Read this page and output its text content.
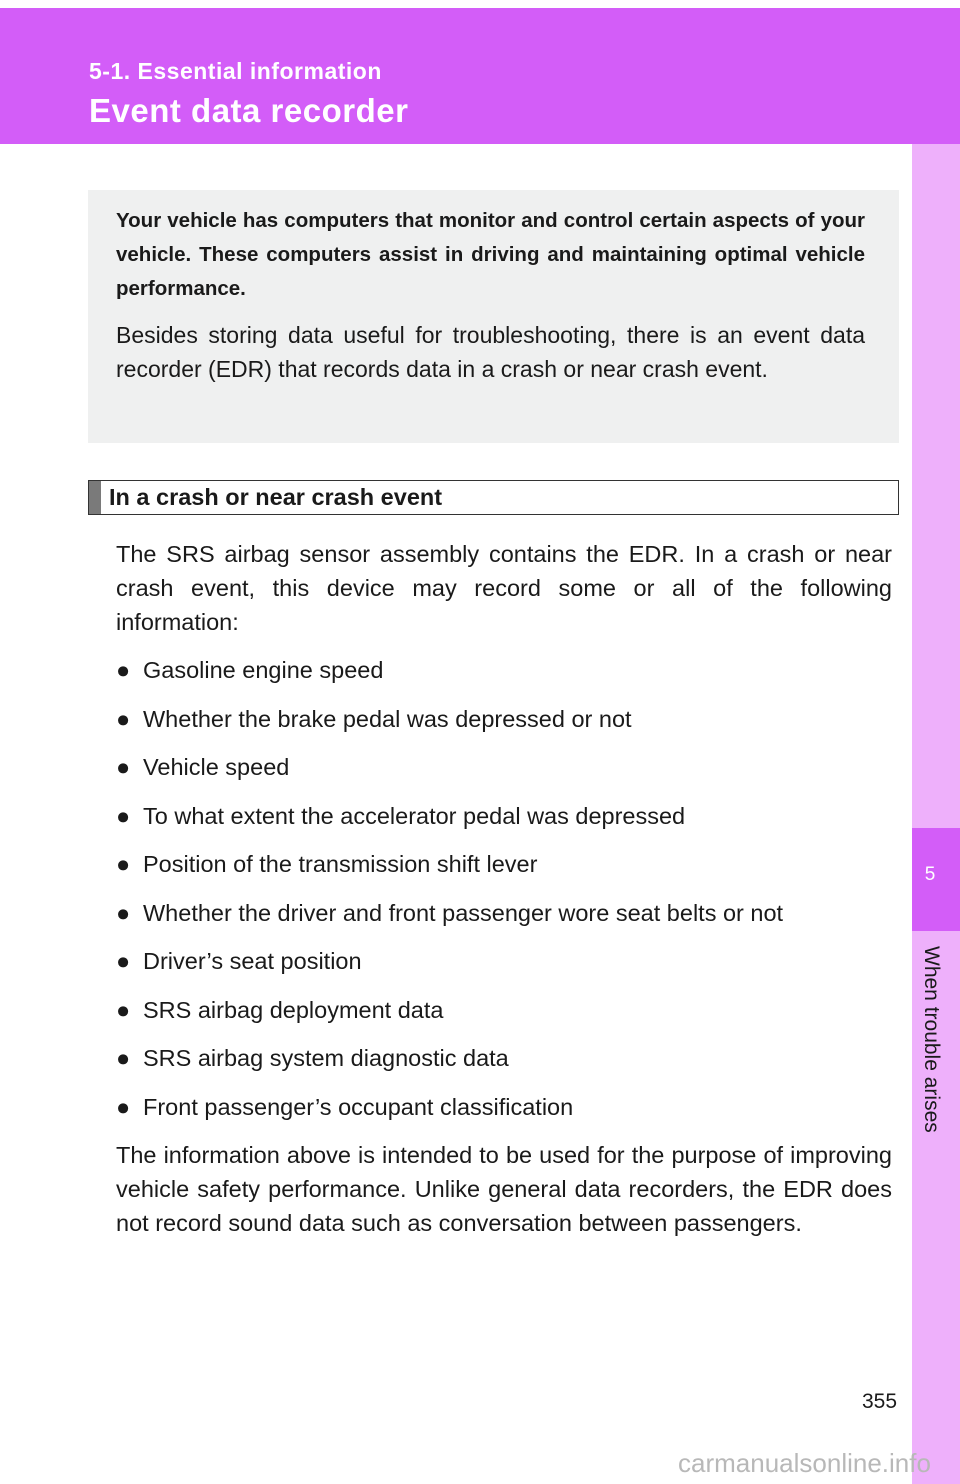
5-1. Essential information
Event data recorder
5
When trouble arises

Your vehicle has computers that monitor and control certain aspects of your vehicle. These computers assist in driving and maintaining optimal vehicle performance.

Besides storing data useful for troubleshooting, there is an event data recorder (EDR) that records data in a crash or near crash event.

In a crash or near crash event

The SRS airbag sensor assembly contains the EDR. In a crash or near crash event, this device may record some or all of the following information:

● Gasoline engine speed
● Whether the brake pedal was depressed or not
● Vehicle speed
● To what extent the accelerator pedal was depressed
● Position of the transmission shift lever
● Whether the driver and front passenger wore seat belts or not
● Driver’s seat position
● SRS airbag deployment data
● SRS airbag system diagnostic data
● Front passenger’s occupant classification

The information above is intended to be used for the purpose of improving vehicle safety performance. Unlike general data recorders, the EDR does not record sound data such as conversation between passengers.

355
carmanualsonline.info
